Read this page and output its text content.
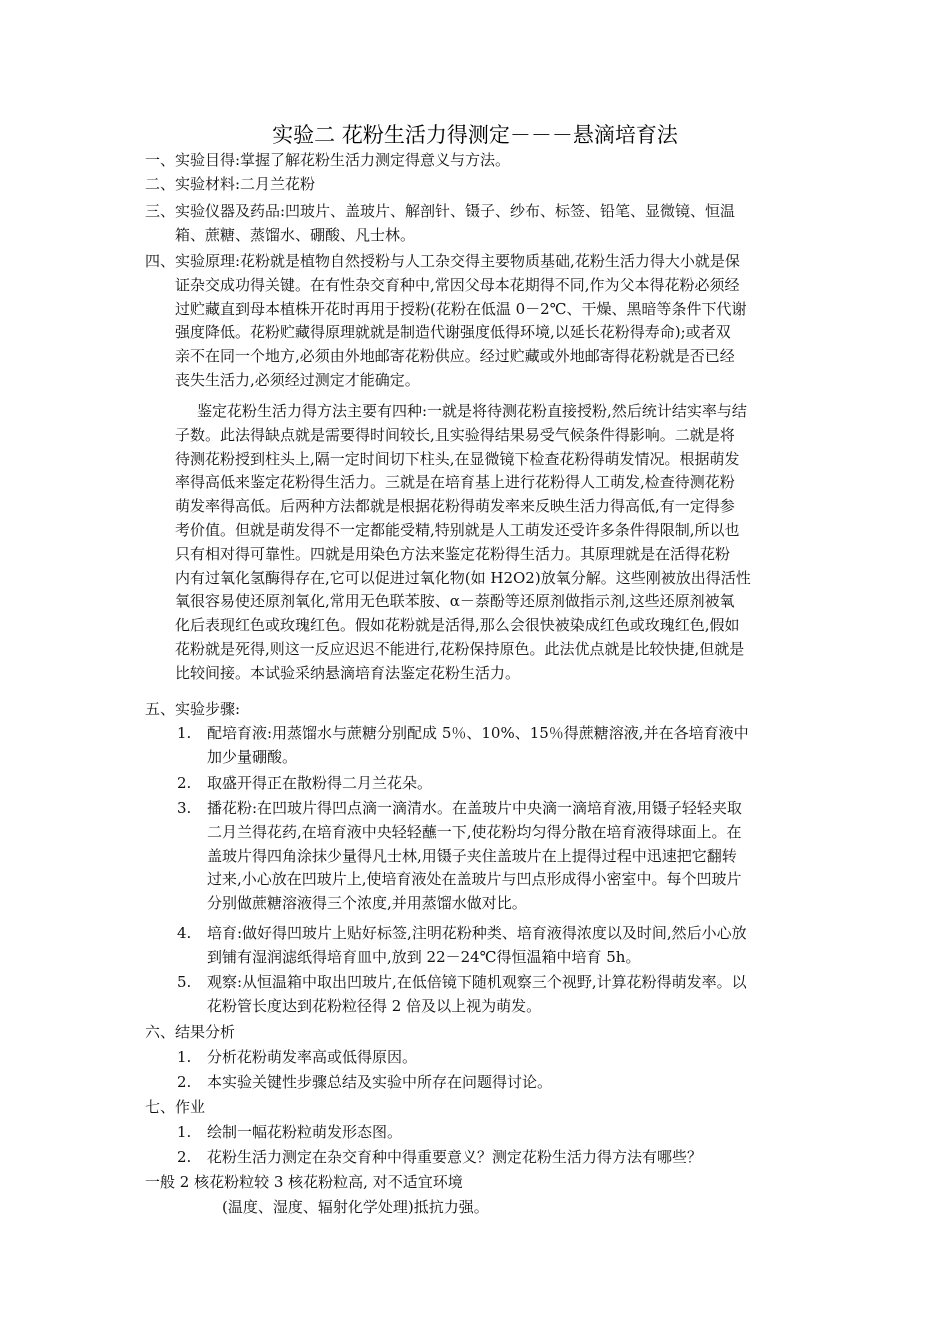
实验二 花粉生活力得测定－－－悬滴培育法
一、 实验目得:掌握了解花粉生活力测定得意义与方法。
二、 实验材料:二月兰花粉
三、 实验仪器及药品:凹玻片、盖玻片、解剖针、镊子、纱布、标签、铅笔、显微镜、恒温
箱、蔗糖、蒸馏水、硼酸、凡士林。
四、 实验原理:花粉就是植物自然授粉与人工杂交得主要物质基础,花粉生活力得大小就是保
证杂交成功得关键。在有性杂交育种中,常因父母本花期得不同,作为父本得花粉必须经
过贮藏直到母本植株开花时再用于授粉(花粉在低温 0－2℃、干燥、黑暗等条件下代谢
强度降低。花粉贮藏得原理就就是制造代谢强度低得环境,以延长花粉得寿命);或者双
亲不在同一个地方,必须由外地邮寄花粉供应。经过贮藏或外地邮寄得花粉就是否已经
丧失生活力,必须经过测定才能确定。
鉴定花粉生活力得方法主要有四种:一就是将待测花粉直接授粉,然后统计结实率与结
子数。此法得缺点就是需要得时间较长,且实验得结果易受气候条件得影响。二就是将
待测花粉授到柱头上,隔一定时间切下柱头,在显微镜下检查花粉得萌发情况。根据萌发
率得高低来鉴定花粉得生活力。三就是在培育基上进行花粉得人工萌发,检查待测花粉
萌发率得高低。后两种方法都就是根据花粉得萌发率来反映生活力得高低,有一定得参
考价值。但就是萌发得不一定都能受精,特别就是人工萌发还受许多条件得限制,所以也
只有相对得可靠性。四就是用染色方法来鉴定花粉得生活力。其原理就是在活得花粉
内有过氧化氢酶得存在,它可以促进过氧化物(如 H2O2)放氧分解。这些刚被放出得活性
氧很容易使还原剂氧化,常用无色联苯胺、α－萘酚等还原剂做指示剂,这些还原剂被氧
化后表现红色或玫瑰红色。假如花粉就是活得,那么会很快被染成红色或玫瑰红色,假如
花粉就是死得,则这一反应迟迟不能进行,花粉保持原色。此法优点就是比较快捷,但就是
比较间接。本试验采纳悬滴培育法鉴定花粉生活力。
五、 实验步骤:
1. 配培育液:用蒸馏水与蔗糖分别配成 5％、10%、15％得蔗糖溶液,并在各培育液中
加少量硼酸。
2. 取盛开得正在散粉得二月兰花朵。
3. 播花粉:在凹玻片得凹点滴一滴清水。在盖玻片中央滴一滴培育液,用镊子轻轻夹取
二月兰得花药,在培育液中央轻轻蘸一下,使花粉均匀得分散在培育液得球面上。在
盖玻片得四角涂抹少量得凡士林,用镊子夹住盖玻片在上提得过程中迅速把它翻转
过来,小心放在凹玻片上,使培育液处在盖玻片与凹点形成得小密室中。每个凹玻片
分别做蔗糖溶液得三个浓度,并用蒸馏水做对比。
4. 培育:做好得凹玻片上贴好标签,注明花粉种类、培育液得浓度以及时间,然后小心放
到铺有湿润滤纸得培育皿中,放到 22－24℃得恒温箱中培育 5h。
5. 观察:从恒温箱中取出凹玻片,在低倍镜下随机观察三个视野,计算花粉得萌发率。以
花粉管长度达到花粉粒径得 2 倍及以上视为萌发。
六、 结果分析
1.	分析花粉萌发率高或低得原因。
2.	本实验关键性步骤总结及实验中所存在问题得讨论。
七、 作业
1.	绘制一幅花粉粒萌发形态图。
2.	花粉生活力测定在杂交育种中得重要意义？测定花粉生活力得方法有哪些？
一般 2 核花粉粒较 3 核花粉粒高, 对不适宜环境
(温度、湿度、辐射化学处理)抵抗力强。
